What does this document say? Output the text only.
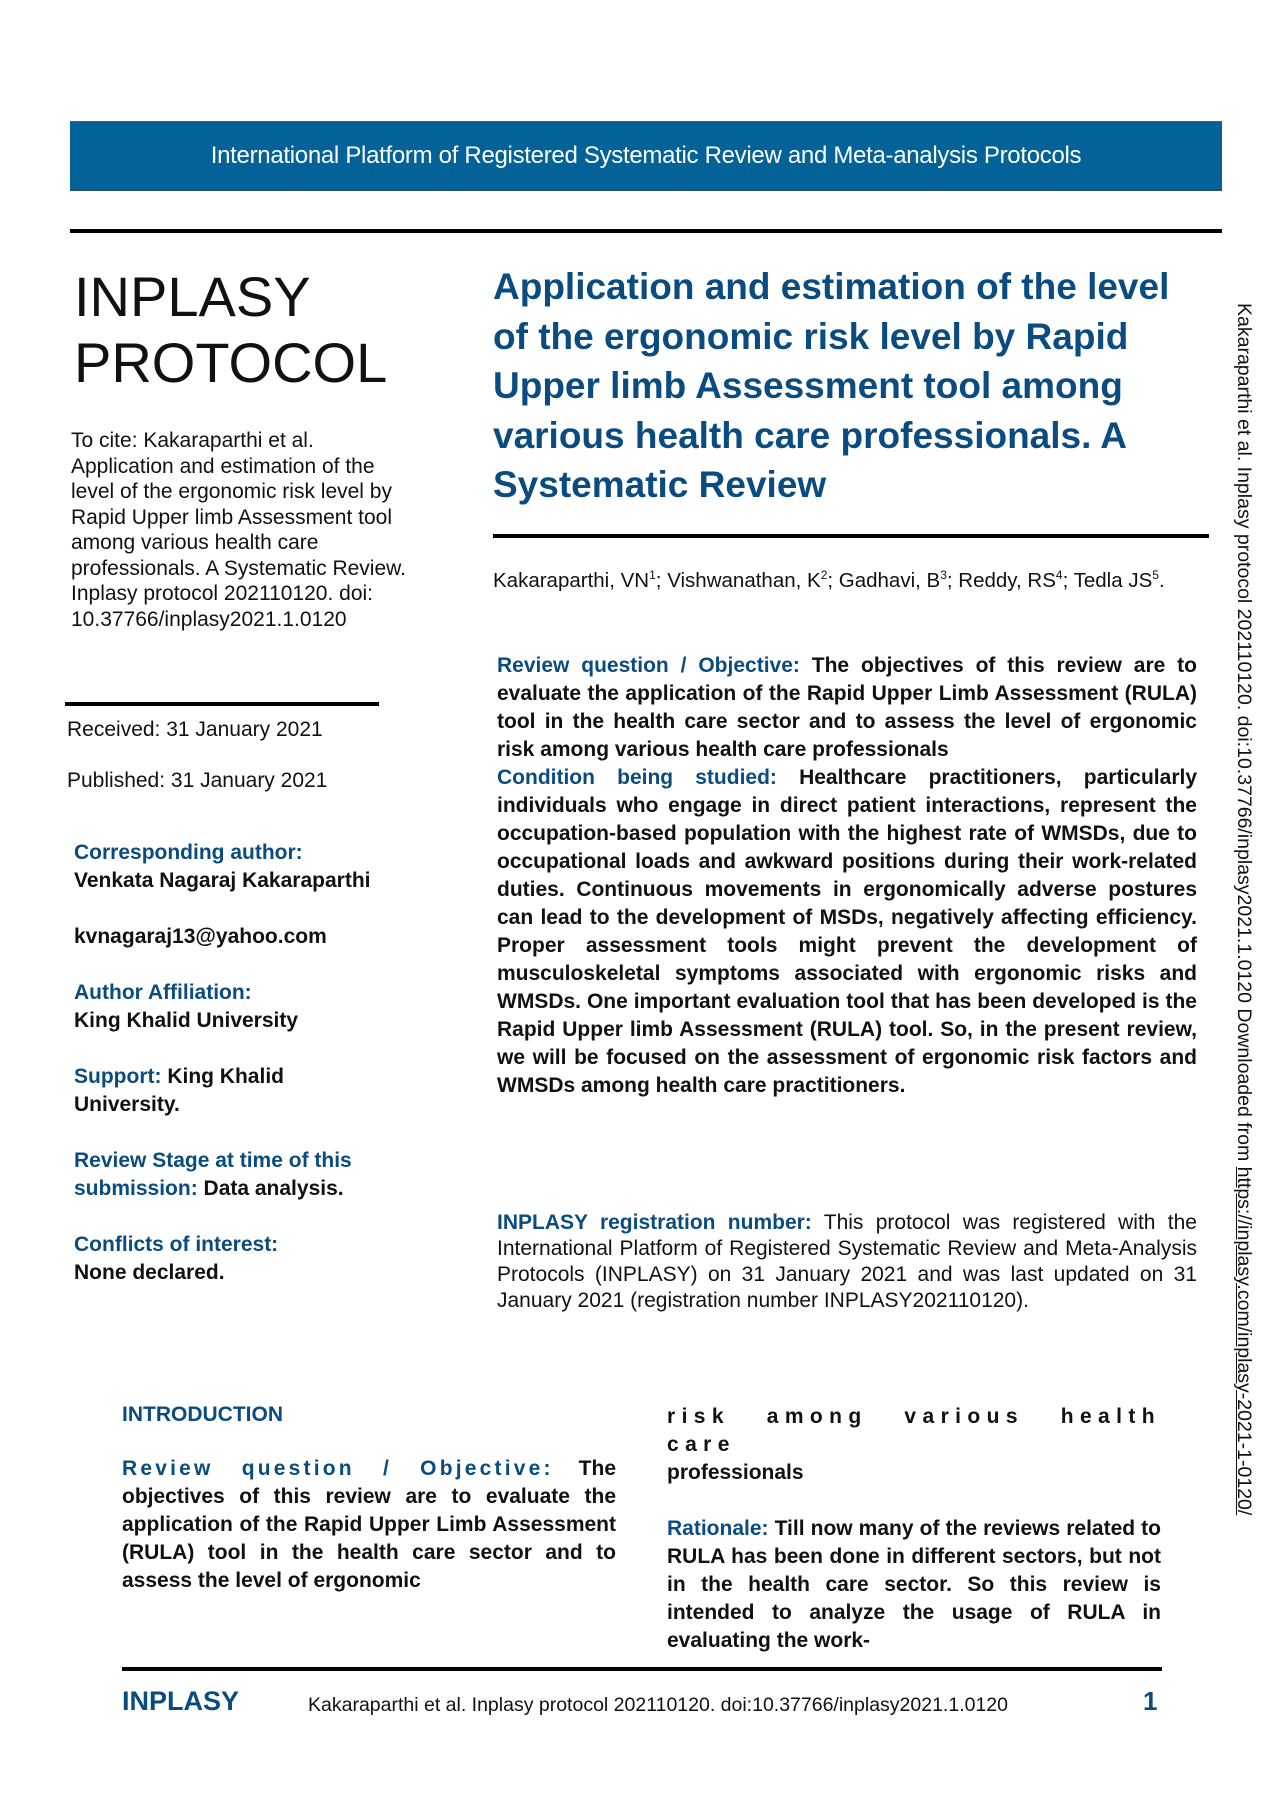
International Platform of Registered Systematic Review and Meta-analysis Protocols
INPLASY
PROTOCOL

To cite: Kakaraparthi et al. Application and estimation of the level of the ergonomic risk level by Rapid Upper limb Assessment tool among various health care professionals. A Systematic Review. Inplasy protocol 202110120. doi: 10.37766/inplasy2021.1.0120

Received: 31 January 2021

Published: 31 January 2021

Corresponding author:
Venkata Nagaraj Kakaraparthi
kvnagaraj13@yahoo.com
Author Affiliation:
King Khalid University
Support: King Khalid University.
Review Stage at time of this submission: Data analysis.
Conflicts of interest:
None declared.
Application and estimation of the level of the ergonomic risk level by Rapid Upper limb Assessment tool among various health care professionals. A Systematic Review

Kakaraparthi, $VN^1$; Vishwanathan, $K^2$; Gadhavi, $B^3$; Reddy, $RS^4$; Tedla $JS^5$.

Review question / Objective: The objectives of this review are to evaluate the application of the Rapid Upper Limb Assessment (RULA) tool in the health care sector and to assess the level of ergonomic risk among various health care professionals

Condition being studied: Healthcare practitioners, particularly individuals who engage in direct patient interactions, represent the occupation-based population with the highest rate of WMSDs, due to occupational loads and awkward positions during their work-related duties. Continuous movements in ergonomically adverse postures can lead to the development of MSDs, negatively affecting efficiency. Proper assessment tools might prevent the development of musculoskeletal symptoms associated with ergonomic risks and WMSDs. One important evaluation tool that has been developed is the Rapid Upper limb Assessment (RULA) tool. So, in the present review, we will be focused on the assessment of ergonomic risk factors and WMSDs among health care practitioners.

INPLASY registration number: This protocol was registered with the International Platform of Registered Systematic Review and Meta-Analysis Protocols (INPLASY) on 31 January 2021 and was last updated on 31 January 2021 (registration number INPLASY202110120).

INTRODUCTION

Review question / Objective: The objectives of this review are to evaluate the application of the Rapid Upper Limb Assessment (RULA) tool in the health care sector and to assess the level of ergonomic

risk among various health care
professionals

Rationale: Till now many of the reviews related to RULA has been done in different sectors, but not in the health care sector. So this review is intended to analyze the usage of RULA in evaluating the work-

INPLASY	Kakaraparthi et al. Inplasy protocol 202110120. doi:10.37766/inplasy2021.1.0120	1
Kakaraparthi et al. Inplasy protocol 202110120. doi:10.37766/inplasy2021.1.0120 Downloaded from https://inplasy.com/inplasy-2021-1-0120/
